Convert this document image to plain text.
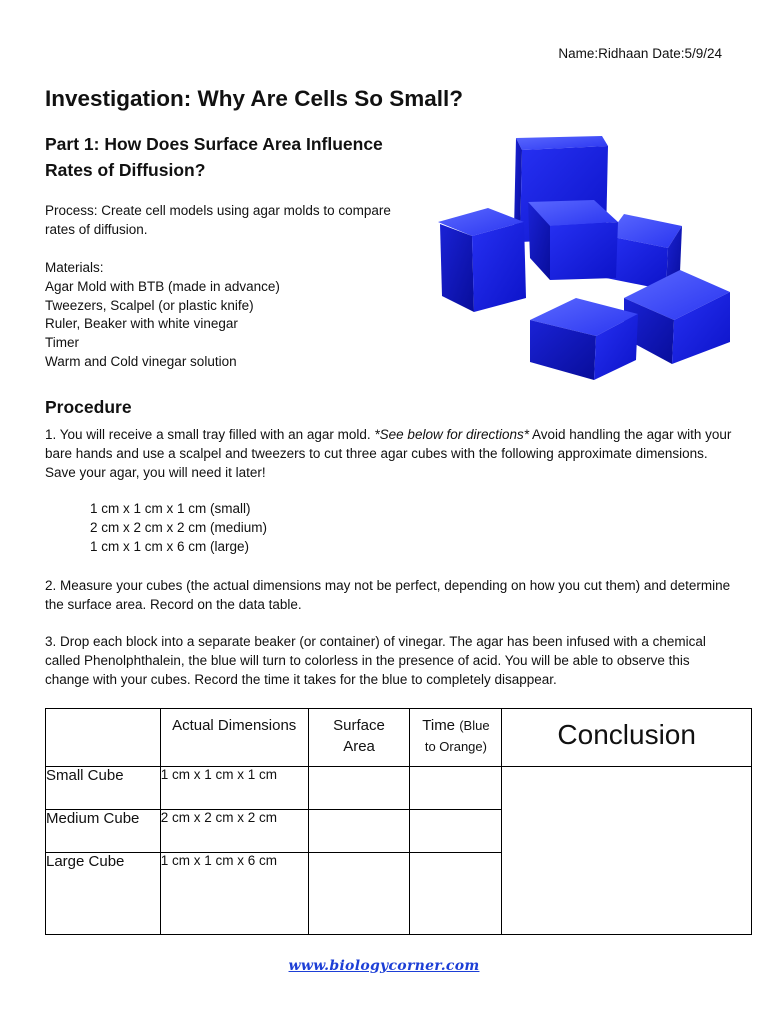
Name:Ridhaan Date:5/9/24
Investigation: Why Are Cells So Small?
Part 1: How Does Surface Area Influence
Rates of Diffusion?
Process: Create cell models using agar molds to compare
rates of diffusion.
Materials:
Agar Mold with BTB (made in advance)
Tweezers, Scalpel (or plastic knife)
Ruler, Beaker with white vinegar
Timer
Warm and Cold vinegar solution
Procedure
1. You will receive a small tray filled with an agar mold. *See below for directions* Avoid handling the agar with your bare hands and use a scalpel and tweezers to cut three agar cubes with the following approximate dimensions. Save your agar, you will need it later!
1 cm x 1 cm x 1 cm (small)
2 cm x 2 cm x 2 cm (medium)
1 cm x 1 cm x 6 cm (large)
2. Measure your cubes (the actual dimensions may not be perfect, depending on how you cut them) and determine the surface area. Record on the data table.
3. Drop each block into a separate beaker (or container) of vinegar. The agar has been infused with a chemical called Phenolphthalein, the blue will turn to colorless in the presence of acid. You will be able to observe this change with your cubes. Record the time it takes for the blue to completely disappear.

	Actual Dimensions	Surface Area	Time (Blue to Orange)	Conclusion

Small Cube	1 cm x 1 cm x 1 cm			
Medium Cube	2 cm x 2 cm x 2 cm			
Large Cube	1 cm x 1 cm x 6 cm			
www.biologycorner.com
